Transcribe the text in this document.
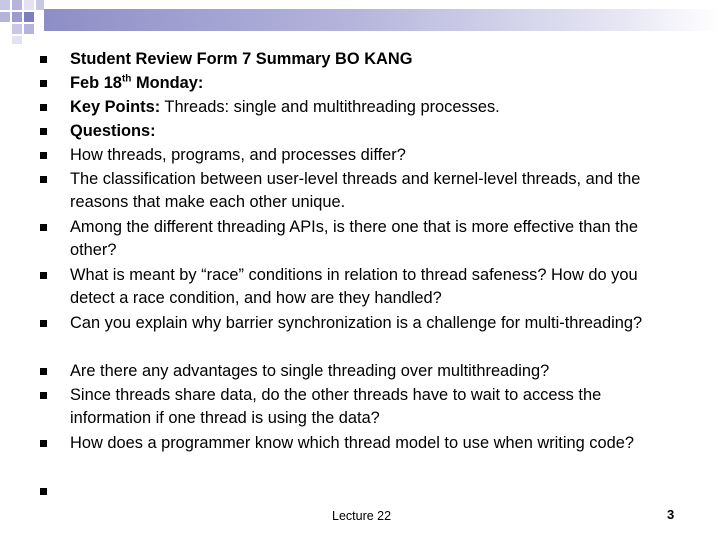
Student Review Form 7 Summary BO KANG
Feb 18th Monday:
Key Points: Threads: single and multithreading processes.
Questions:
How threads, programs, and processes differ?
The classification between user-level threads and kernel-level threads, and the reasons that make each other unique.
Among the different threading APIs, is there one that is more effective than the other?
What is meant by “race” conditions in relation to thread safeness? How do you detect a race condition, and how are they handled?
Can you explain why barrier synchronization is a challenge for multi-threading?
Are there any advantages to single threading over multithreading?
Since threads share data, do the other threads have to wait to access the information if one thread is using the data?
How does a programmer know which thread model to use when writing code?
Lecture 22	3
